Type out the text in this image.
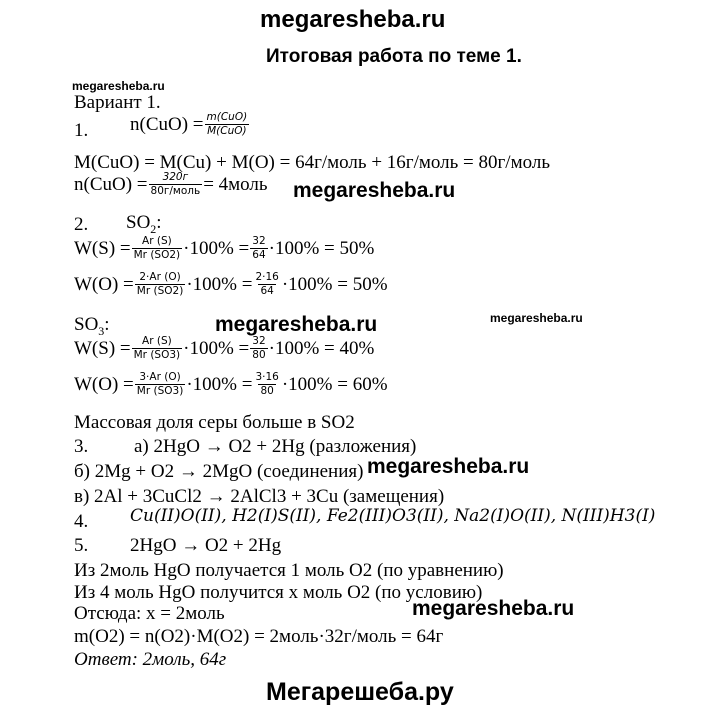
megaresheba.ru
Итоговая работа по теме 1.
megaresheba.ru
Вариант 1.
1. $n(CuO) = \frac{\text{m(CuO)}}{\text{M(CuO)}}$
M(CuO) = M(Cu) + M(O) = 64г/моль + 16г/моль = 80г/моль
$n(CuO) = \frac{320г}{\text{80г/моль}}$ = 4моль megaresheba.ru
2. $SO_2$:
$W(S) = \frac{Ar (S)}{Mr (SO2)} \cdot 100\% = \frac{32}{64} \cdot 100\% = 50\%$
$W(O) = \frac{2\cdot Ar (O)}{Mr (SO2)} \cdot 100\% = \frac{2\cdot 16}{64} \cdot 100\% = 50\%$
$SO_3$:	megaresheba.ru	megaresheba.ru
$W(S) = \frac{Ar (S)}{Mr (SO3)} \cdot 100\% = \frac{32}{80} \cdot 100\% = 40\%$
$W(O) = \frac{3\cdot Ar (O)}{Mr (SO3)} \cdot 100\% = \frac{3\cdot 16}{80} \cdot 100\% = 60\%$
Массовая доля серы больше в SO2
3. а) 2HgO → O2 + 2Hg (разложения)
б) 2Mg + O2 → 2MgO (соединения) megaresheba.ru
в) 2Al + 3CuCl2 → 2AlCl3 + 3Cu (замещения)
4. Cu(II)O(II), H2(I)S(II), Fe2(III)O3(II), Na2(I)O(II), N(III)H3(I)
5. 2HgO → O2 + 2Hg
Из 2моль HgO получается 1 моль O2 (по уравнению)
Из 4 моль HgO получится x моль O2 (по условию)
Отсюда: x = 2моль	megaresheba.ru
m(O2) = n(O2)·M(O2) = 2моль·32г/моль = 64г
Ответ: 2моль, 64г
Мегарешеба.ру
